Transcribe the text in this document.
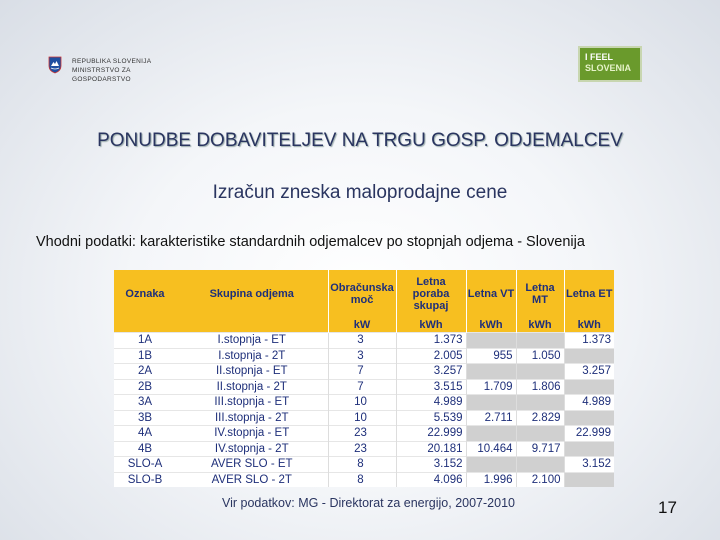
REPUBLIKA SLOVENIJA
MINISTRSTVO ZA
GOSPODARSTVO
I FEEL
SLOVENIA
PONUDBE DOBAVITELJEV NA TRGU GOSP. ODJEMALCEV
Izračun zneska maloprodajne cene
Vhodni podatki: karakteristike standardnih odjemalcev po stopnjah odjema - Slovenija
Oznaka	Skupina odjema	Obračunska moč	Letna poraba skupaj	Letna VT	Letna MT	Letna ET
		kW	kWh	kWh	kWh	kWh
1A	I.stopnja - ET	3	1.373			1.373
1B	I.stopnja - 2T	3	2.005	955	1.050	
2A	II.stopnja - ET	7	3.257			3.257
2B	II.stopnja - 2T	7	3.515	1.709	1.806	
3A	III.stopnja - ET	10	4.989			4.989
3B	III.stopnja - 2T	10	5.539	2.711	2.829	
4A	IV.stopnja - ET	23	22.999			22.999
4B	IV.stopnja - 2T	23	20.181	10.464	9.717	
SLO-A	AVER SLO - ET	8	3.152			3.152
SLO-B	AVER SLO - 2T	8	4.096	1.996	2.100	
Vir podatkov: MG - Direktorat za energijo, 2007-2010	17
